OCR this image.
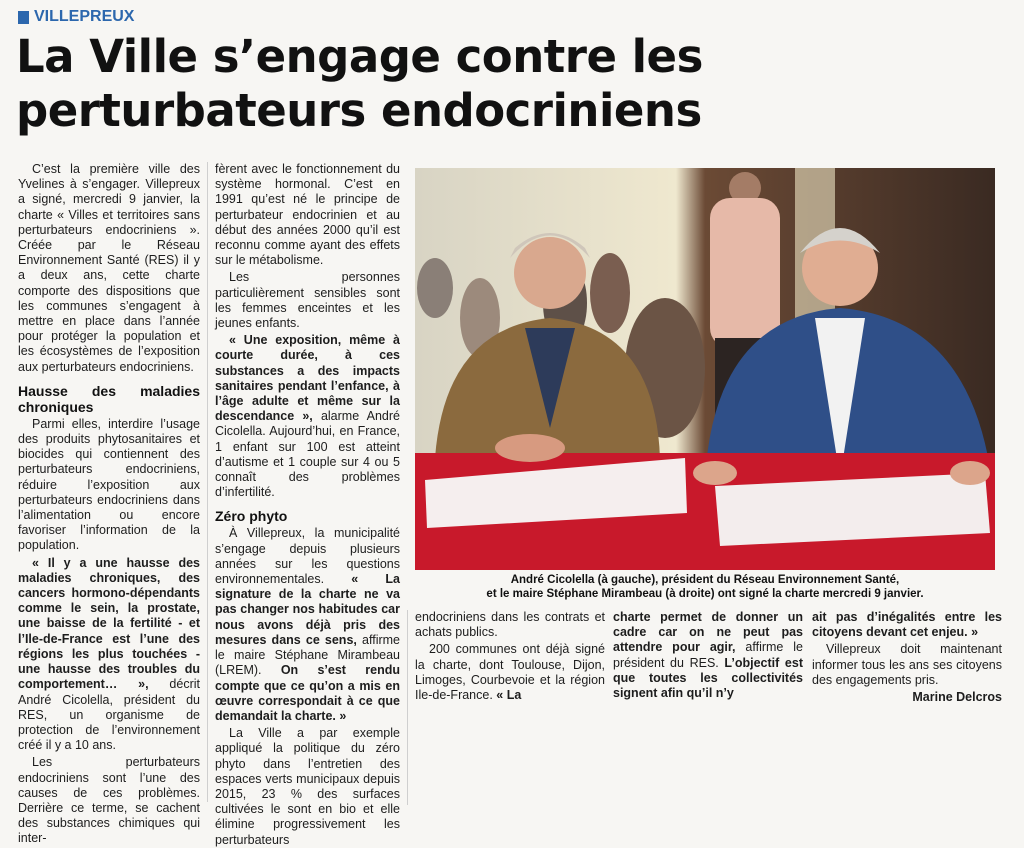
VILLEPREUX
La Ville s’engage contre les perturbateurs endocriniens

C’est la première ville des Yvelines à s’engager. Villepreux a signé, mercredi 9 janvier, la charte « Villes et territoires sans perturbateurs endocriniens ». Créée par le Réseau Environnement Santé (RES) il y a deux ans, cette charte comporte des dispositions que les communes s’engagent à mettre en place dans l’année pour protéger la population et les écosystèmes de l’exposition aux perturbateurs endocriniens.

Hausse des maladies chroniques

Parmi elles, interdire l’usage des produits phytosanitaires et biocides qui contiennent des perturbateurs endocriniens, réduire l’exposition aux perturbateurs endocriniens dans l’alimentation ou encore favoriser l’information de la population.

« Il y a une hausse des maladies chroniques, des cancers hormono-dépendants comme le sein, la prostate, une baisse de la fertilité - et l’Ile-de-France est l’une des régions les plus touchées - une hausse des troubles du comportement… », décrit André Cicolella, président du RES, un organisme de protection de l’environnement créé il y a 10 ans.

Les perturbateurs endocriniens sont l’une des causes de ces problèmes. Derrière ce terme, se cachent des substances chimiques qui inter-

fèrent avec le fonctionnement du système hormonal. C’est en 1991 qu’est né le principe de perturbateur endocrinien et au début des années 2000 qu’il est reconnu comme ayant des effets sur le métabolisme.

Les personnes particulièrement sensibles sont les femmes enceintes et les jeunes enfants.

« Une exposition, même à courte durée, à ces substances a des impacts sanitaires pendant l’enfance, à l’âge adulte et même sur la descendance », alarme André Cicolella. Aujourd’hui, en France, 1 enfant sur 100 est atteint d’autisme et 1 couple sur 4 ou 5 connaît des problèmes d’infertilité.

Zéro phyto

À Villepreux, la municipalité s’engage depuis plusieurs années sur les questions environnementales. « La signature de la charte ne va pas changer nos habitudes car nous avons déjà pris des mesures dans ce sens, affirme le maire Stéphane Mirambeau (LREM). On s’est rendu compte que ce qu’on a mis en œuvre correspondait à ce que demandait la charte. »

La Ville a par exemple appliqué la politique du zéro phyto dans l’entretien des espaces verts municipaux depuis 2015, 23 % des surfaces cultivées le sont en bio et elle élimine progressivement les perturbateurs

André Cicolella (à gauche), président du Réseau Environnement Santé,
et le maire Stéphane Mirambeau (à droite) ont signé la charte mercredi 9 janvier.

endocriniens dans les contrats et achats publics.

200 communes ont déjà signé la charte, dont Toulouse, Dijon, Limoges, Courbevoie et la région Ile-de-France. « La

charte permet de donner un cadre car on ne peut pas attendre pour agir, affirme le président du RES. L’objectif est que toutes les collectivités signent afin qu’il n’y

ait pas d’inégalités entre les citoyens devant cet enjeu. »

Villepreux doit maintenant informer tous les ans ses citoyens des engagements pris.

Marine Delcros
